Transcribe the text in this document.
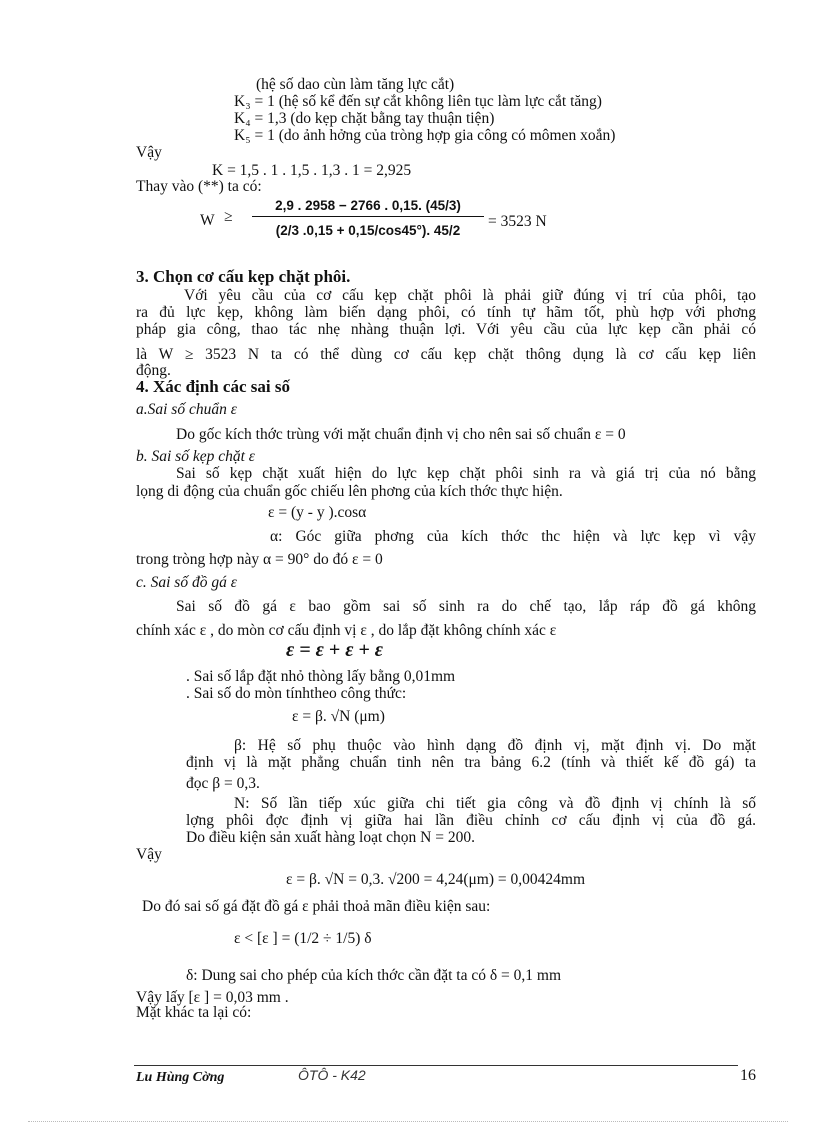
(hệ số dao cùn làm tăng lực cắt)
K₃ = 1 (hệ số kể đến sự cắt không liên tục làm lực cắt tăng)
K₄ = 1,3 (do kẹp chặt bằng tay thuận tiện)
K₅ = 1 (do ảnh hởng của tròng hợp gia công có mômen xoắn)
Vậy
K = 1,5 . 1 . 1,5 . 1,3 . 1 = 2,925
Thay vào (**) ta có:
$W \ge \frac{2,9 . 2958 - 2766 . 0,15. (45/3)}{(2/3 .0,15 + 0,15/\cos 45^\circ). 45/2} = 3523$ N
3. Chọn cơ cấu kẹp chặt phôi.
Với yêu cầu của cơ cấu kẹp chặt phôi là phải giữ đúng vị trí của phôi, tạo
ra đủ lực kẹp, không làm biến dạng phôi, có tính tự hãm tốt, phù hợp với phơng
pháp gia công, thao tác nhẹ nhàng thuận lợi. Với yêu cầu của lực kẹp cần phải có
là W ≥ 3523 N ta có thể dùng cơ cấu kẹp chặt thông dụng là cơ cấu kẹp liên
động.
4. Xác định các sai số
a.Sai số chuẩn ε
Do gốc kích thớc trùng với mặt chuẩn định vị cho nên sai số chuẩn ε = 0
b. Sai số kẹp chặt ε
Sai số kẹp chặt xuất hiện do lực kẹp chặt phôi sinh ra và giá trị của nó bằng
lọng di động của chuẩn gốc chiếu lên phơng của kích thớc thực hiện.
ε = (y - y ).cosα
α: Góc giữa phơng của kích thớc thc hiện và lực kẹp vì vậy
trong tròng hợp này α = 90° do đó ε = 0
c. Sai số đồ gá ε
Sai số đồ gá ε bao gồm sai số sinh ra do chế tạo, lắp ráp đồ gá không
chính xác ε , do mòn cơ cấu định vị ε , do lắp đặt không chính xác ε
ε = ε + ε + ε
. Sai số lắp đặt nhỏ thòng lấy bằng 0,01mm
. Sai số do mòn tínhtheo công thức:
ε = β. √N (μm)
β: Hệ số phụ thuộc vào hình dạng đồ định vị, mặt định vị. Do mặt
định vị là mặt phẳng chuẩn tinh nên tra bảng 6.2 (tính và thiết kế đồ gá) ta
đọc β = 0,3.
N: Số lần tiếp xúc giữa chi tiết gia công và đồ định vị chính là số
lợng phôi đợc định vị giữa hai lần điều chỉnh cơ cấu định vị của đồ gá.
Do điều kiện sản xuất hàng loạt chọn N = 200.
Vậy
ε = β. √N = 0,3. √200 = 4,24(μm) = 0,00424mm
Do đó sai số gá đặt đồ gá ε phải thoả mãn điều kiện sau:
ε < [ε ] = (1/2 ÷ 1/5) δ
δ: Dung sai cho phép của kích thớc cần đặt ta có δ = 0,1 mm
Vậy lấy [ε ] = 0,03 mm .
Mặt khác ta lại có:
Lu Hùng Cờng	ÔTÔ - K42	16
